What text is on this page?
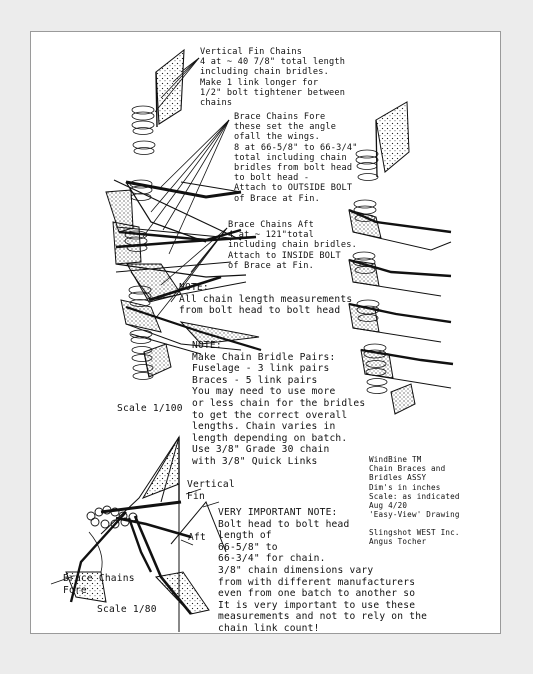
Vertical Fin Chains
4 at ~ 40 7/8" total length
including chain bridles.
Make 1 link longer for
1/2" bolt tightener between
chains
Brace Chains Fore
these set the angle
ofall the wings.
8 at 66-5/8" to 66-3/4"
total including chain
bridles from bolt head
to bolt head -
Attach to OUTSIDE BOLT
of Brace at Fin.
Brace Chains Aft
4 at ~ 121"total
including chain bridles.
Attach to INSIDE BOLT
of Brace at Fin.
NOTE:
All chain length measurements
from bolt head to bolt head
NOTE:
Make Chain Bridle Pairs:
Fuselage - 3 link pairs
Braces - 5 link pairs
You may need to use more
or less chain for the bridles
to get the correct overall
lengths. Chain varies in
length depending on batch.
Scale 1/100
Use 3/8" Grade 30 chain
with 3/8" Quick Links	WindBine TM
Chain Braces and
Bridles ASSY
Dim's in inches
Scale: as indicated
Aug 4/20
'Easy-View' Drawing
Slingshot WEST Inc.
Angus Tocher
Vertical
Fin
Aft
VERY IMPORTANT NOTE:
Bolt head to bolt head
length of
66-5/8" to
66-3/4" for chain.
3/8" chain dimensions vary
from with different manufacturers
even from one batch to another so
It is very important to use these
measurements and not to rely on the
chain link count!
Brace Chains
Fore
Scale 1/80
